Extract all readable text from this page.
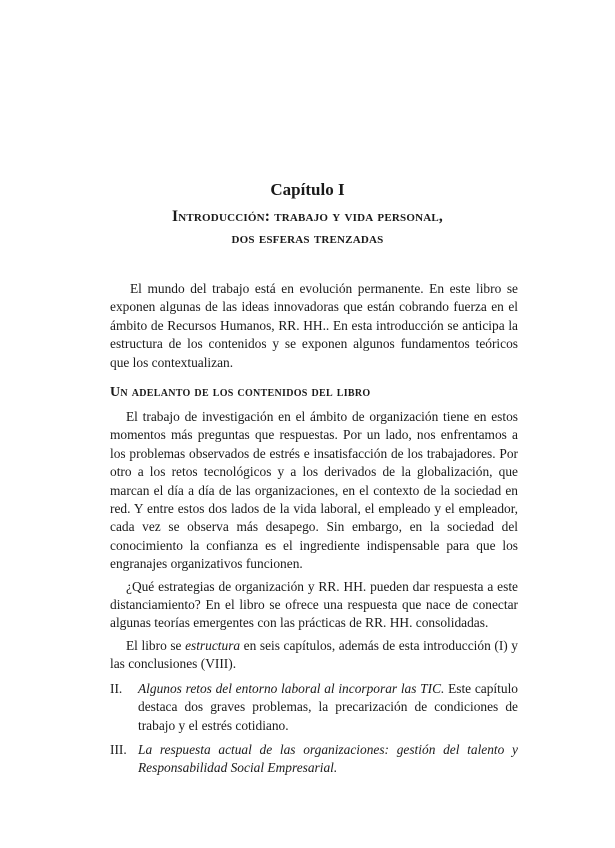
Capítulo I
Introducción: trabajo y vida personal,
dos esferas trenzadas

El mundo del trabajo está en evolución permanente. En este libro se exponen algunas de las ideas innovadoras que están cobrando fuerza en el ámbito de Recursos Humanos, RR. HH.. En esta introducción se anticipa la estructura de los contenidos y se exponen algunos fundamentos teóricos que los contextualizan.

Un adelanto de los contenidos del libro

El trabajo de investigación en el ámbito de organización tiene en estos momentos más preguntas que respuestas. Por un lado, nos enfrentamos a los problemas observados de estrés e insatisfacción de los trabajadores. Por otro a los retos tecnológicos y a los derivados de la globalización, que marcan el día a día de las organizaciones, en el contexto de la sociedad en red. Y entre estos dos lados de la vida laboral, el empleado y el empleador, cada vez se observa más desapego. Sin embargo, en la sociedad del conocimiento la confianza es el ingrediente indispensable para que los engranajes organizativos funcionen.

¿Qué estrategias de organización y RR. HH. pueden dar respuesta a este distanciamiento? En el libro se ofrece una respuesta que nace de conectar algunas teorías emergentes con las prácticas de RR. HH. consolidadas.

El libro se estructura en seis capítulos, además de esta introducción (I) y las conclusiones (VIII).

II.	Algunos retos del entorno laboral al incorporar las TIC. Este capítulo destaca dos graves problemas, la precarización de condiciones de trabajo y el estrés cotidiano.
III. La respuesta actual de las organizaciones: gestión del talento y Responsabilidad Social Empresarial.
